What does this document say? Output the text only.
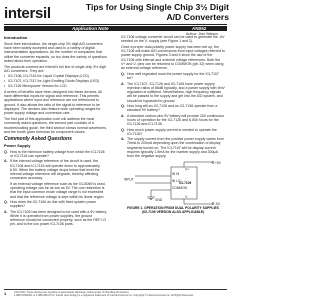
intersil	Tips for Using Single Chip 3½ Digit
A/D Converters
Application Note	AN052
Author: Dan Watson
Introduction

Since their introduction, the single-chip 3½ digit A/D converters have been widely accepted and used in a variety of digital instrumentation applications. As the number of companies that utilize the converter expands, so too does the variety of questions asked about their operation.

The products covered are Intersil's full line of single-chip 3½ digit A/D converters. They are:

• ICL7106, ICL7116 for Liquid Crystal Displays (LCD)
• ICL7107, ICL7117 for Light-Emitting Diode Displays (LED)
• ICL7126 Micropower Version for LCD

A series of benefits have been designed into these devices. All have differential inputs for signal and reference. This permits applications where input and reference are not referenced to ground. It also allows the ratio of the signal to reference to be displayed. The devices also feature wide operating ranges for power supply voltage and conversion rate.

The first part of this application note will address the most commonly asked questions, the second part consists of a troubleshooting guide, the third section shows normal waveforms, and the fourth gives formulas for component values.

Commonly Asked Questions
Power Supply
Q. How is the minimum battery voltage from which the ICL7106 or ICL7116 can operate?
A. If the internal voltage reference of the circuit is used, the ICL7106 and ICL7116 will operate down to approximately 6.5V. When the battery voltage drops below that level the internal voltage reference will degrade, thereby affecting conversion accuracy.
If an external voltage reference such as the ICL8069 is used, operating voltage can be as low as 5V. The one restriction is that the input common mode voltage range is not exceeded and that the reference voltage is kept within its linear region.
Q. How does the ICL7106 do line with fixed system power supplies?
A. The ICL7106 has been designed to be used with a 9V battery. When it is operated from power supplies, the ground reference should be connected properly, such as the REF LO pin, and to the low power ICL7106 parts.

ICL7106 voltage converter circuit can be used to generate the -5V needed on the V- supply (see Figure 1 and 2).

Once a proper dual-polarity power supply has been set up, the ICL7106 will make A/D conversions from input voltages referred to power supply ground. Figures 3 and 4 show the use of the ICL7106 with internal and external voltage references. Both the V+ and V- pins can be returned to COMMON (pin 32) when using an external voltage reference.

Q. How well regulated must the power supply for the ICL7107 be?
A. The ICL7107, ICL7126 and ICL7106 have power supply rejection ratios of 86dB typically, and a power supply with 5mV regulation is sufficient. Nevertheless, high frequency signals will be passed to the supply and get into the A/D system, and should be bypassed to ground.
Q. How long will an ICL7126 and an ICL7136 operate from a standard 9V battery?
A. A standard carbon-zinc 9V battery will provide 200 continuous hours of operation for the ICL7126 and 6,000 hours for the ICL7126 and ICL7136.
Q. How much power supply current is needed to operate the ICL7126?
A. The supply current from the positive power supply varies from 70mA to 200mA depending upon the combination of display segments turned on. The ICL7107 will be display current requires typically 1.5mA for the number supply and 300µA from the negative supply.
ICL7106
V+
V-
IN HI
IN LO
COMMON
+5V
-5V
GND
INPUT
FIGURE 1. OPERATION FROM DUAL POLARITY SUPPLIES
(ICL7106 VERSION ALSO APPLICABLE)
1	CAUTION: These devices are sensitive to electrostatic discharge; follow proper IC Handling Procedures.
1-888-INTERSIL or 1-888-468-3774 | Intersil (and design) is a registered trademark of Intersil Americas Inc. Copyright © Intersil Americas Inc. All Rights Reserved.
